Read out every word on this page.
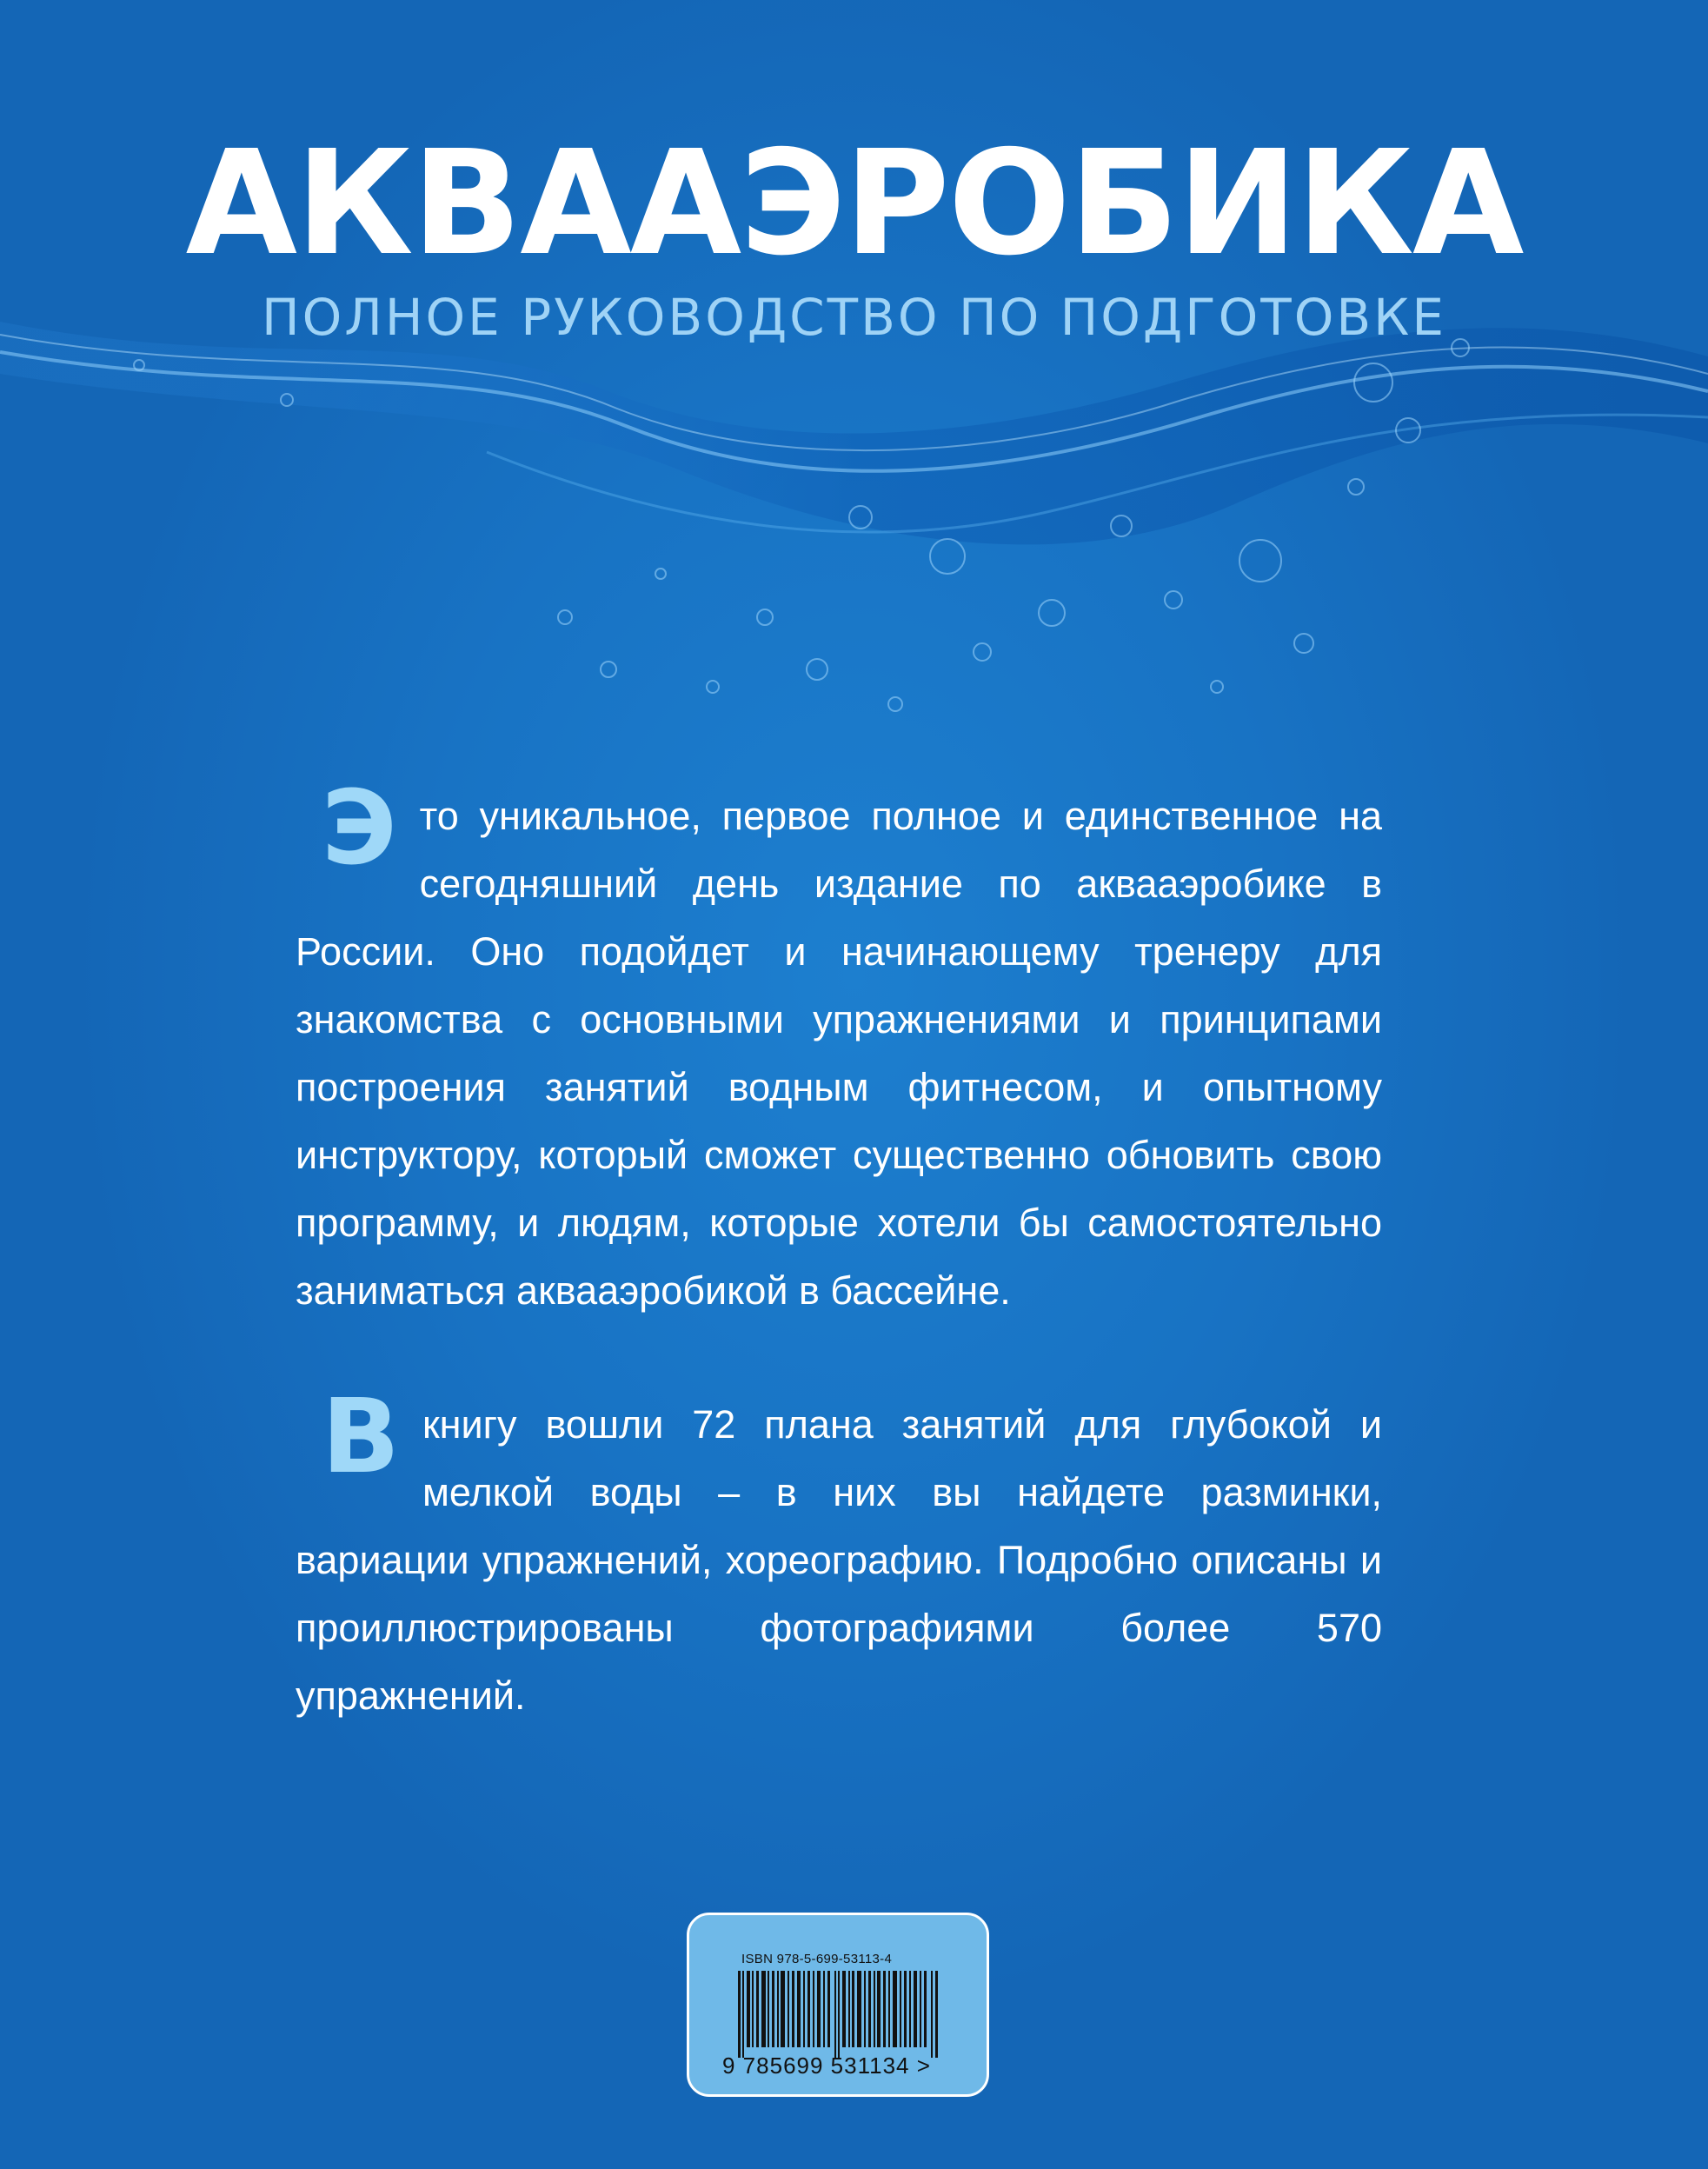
АКВААЭРОБИКА
ПОЛНОЕ РУКОВОДСТВО ПО ПОДГОТОВКЕ

Э то уникальное, первое полное и единственное на сегодняшний день издание по аквааэробике в России. Оно подойдет и начинающему тренеру для знакомства с основными упражнениями и принципами построения занятий водным фитнесом, и опытному инструктору, который сможет существенно обновить свою программу, и людям, которые хотели бы самостоятельно заниматься аквааэробикой в бассейне.

В книгу вошли 72 плана занятий для глубокой и мелкой воды – в них вы найдете разминки, вариации упражнений, хореографию. Подробно описаны и проиллюстрированы фотографиями более 570 упражнений.

ISBN 978-5-699-53113-4
9 785699 531134 >
